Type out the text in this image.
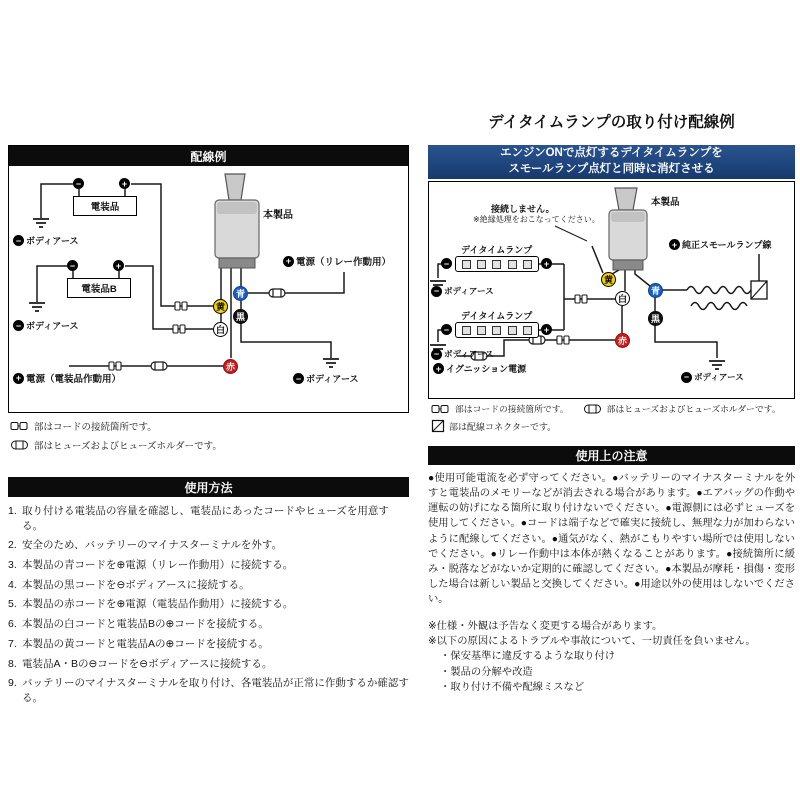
デイタイムランプの取り付け配線例
配線例
本製品
電装品
−	+
電装品B
−	+
− ボディアース
− ボディアース
− ボディアース
+ 電源（リレー作動用）
+ 電源（電装品作動用）
黄
白
青
黒
赤
部はコードの接続箇所です。
部はヒューズおよびヒューズホルダーです。
エンジンONで点灯するデイタイムランプを
スモールランプ点灯と同時に消灯させる
本製品
接続しません。
※絶縁処理をおこなってください。
デイタイムランプ
−	+
デイタイムランプ
−	+
− ボディアース
− ボディアース
− ボディアース
+ 純正スモールランプ線
+ イグニッション電源
黄
白
青
黒
赤
部はコードの接続箇所です。	部はヒューズおよびヒューズホルダーです。
部は配線コネクターです。
使用方法
1. 取り付ける電装品の容量を確認し、電装品にあったコードやヒューズを用意する。
2. 安全のため、バッテリーのマイナスターミナルを外す。
3. 本製品の青コードを⊕電源（リレー作動用）に接続する。
4. 本製品の黒コードを⊖ボディアースに接続する。
5. 本製品の赤コードを⊕電源（電装品作動用）に接続する。
6. 本製品の白コードと電装品Bの⊕コードを接続する。
7. 本製品の黄コードと電装品Aの⊕コードを接続する。
8. 電装品A・Bの⊖コードを⊖ボディアースに接続する。
9. バッテリーのマイナスターミナルを取り付け、各電装品が正常に作動するか確認する。
使用上の注意
●使用可能電流を必ず守ってください。●バッテリーのマイナスターミナルを外すと電装品のメモリーなどが消去される場合があります。●エアバッグの作動や運転の妨げになる箇所に取り付けないでください。●電源側には必ずヒューズを使用してください。●コードは端子などで確実に接続し、無理な力が加わらないように配線してください。●通気がなく、熱がこもりやすい場所では使用しないでください。●リレー作動中は本体が熱くなることがあります。●接続箇所に緩み・脱落などがないか定期的に確認してください。●本製品が摩耗・損傷・変形した場合は新しい製品と交換してください。●用途以外の使用はしないでください。
※仕様・外観は予告なく変更する場合があります。
※以下の原因によるトラブルや事故について、一切責任を負いません。
・保安基準に違反するような取り付け
・製品の分解や改造
・取り付け不備や配線ミスなど
